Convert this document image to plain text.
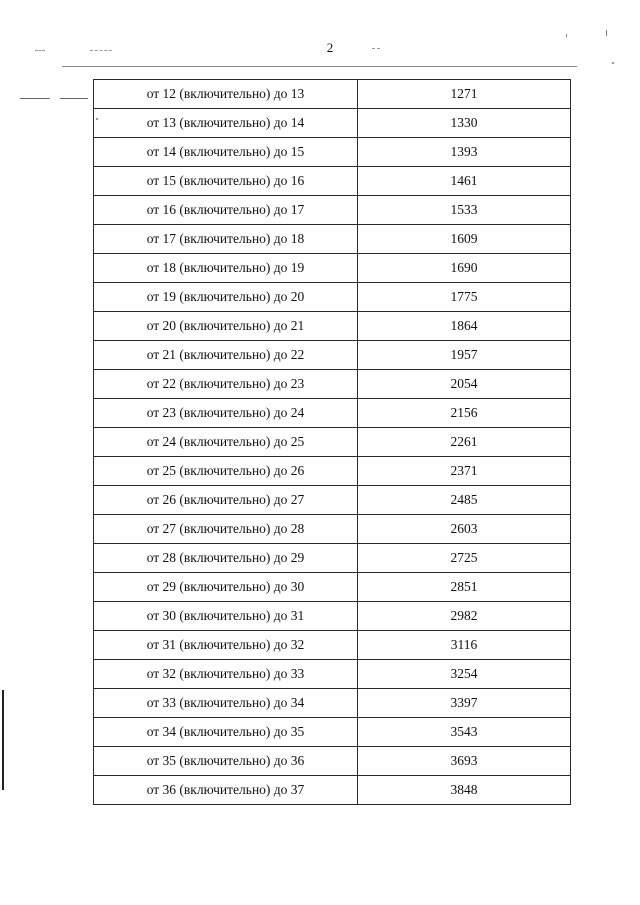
2
от 12 (включительно) до 13	1271
от 13 (включительно) до 14	1330
от 14 (включительно) до 15	1393
от 15 (включительно) до 16	1461
от 16 (включительно) до 17	1533
от 17 (включительно) до 18	1609
от 18 (включительно) до 19	1690
от 19 (включительно) до 20	1775
от 20 (включительно) до 21	1864
от 21 (включительно) до 22	1957
от 22 (включительно) до 23	2054
от 23 (включительно) до 24	2156
от 24 (включительно) до 25	2261
от 25 (включительно) до 26	2371
от 26 (включительно) до 27	2485
от 27 (включительно) до 28	2603
от 28 (включительно) до 29	2725
от 29 (включительно) до 30	2851
от 30 (включительно) до 31	2982
от 31 (включительно) до 32	3116
от 32 (включительно) до 33	3254
от 33 (включительно) до 34	3397
от 34 (включительно) до 35	3543
от 35 (включительно) до 36	3693
от 36 (включительно) до 37	3848
